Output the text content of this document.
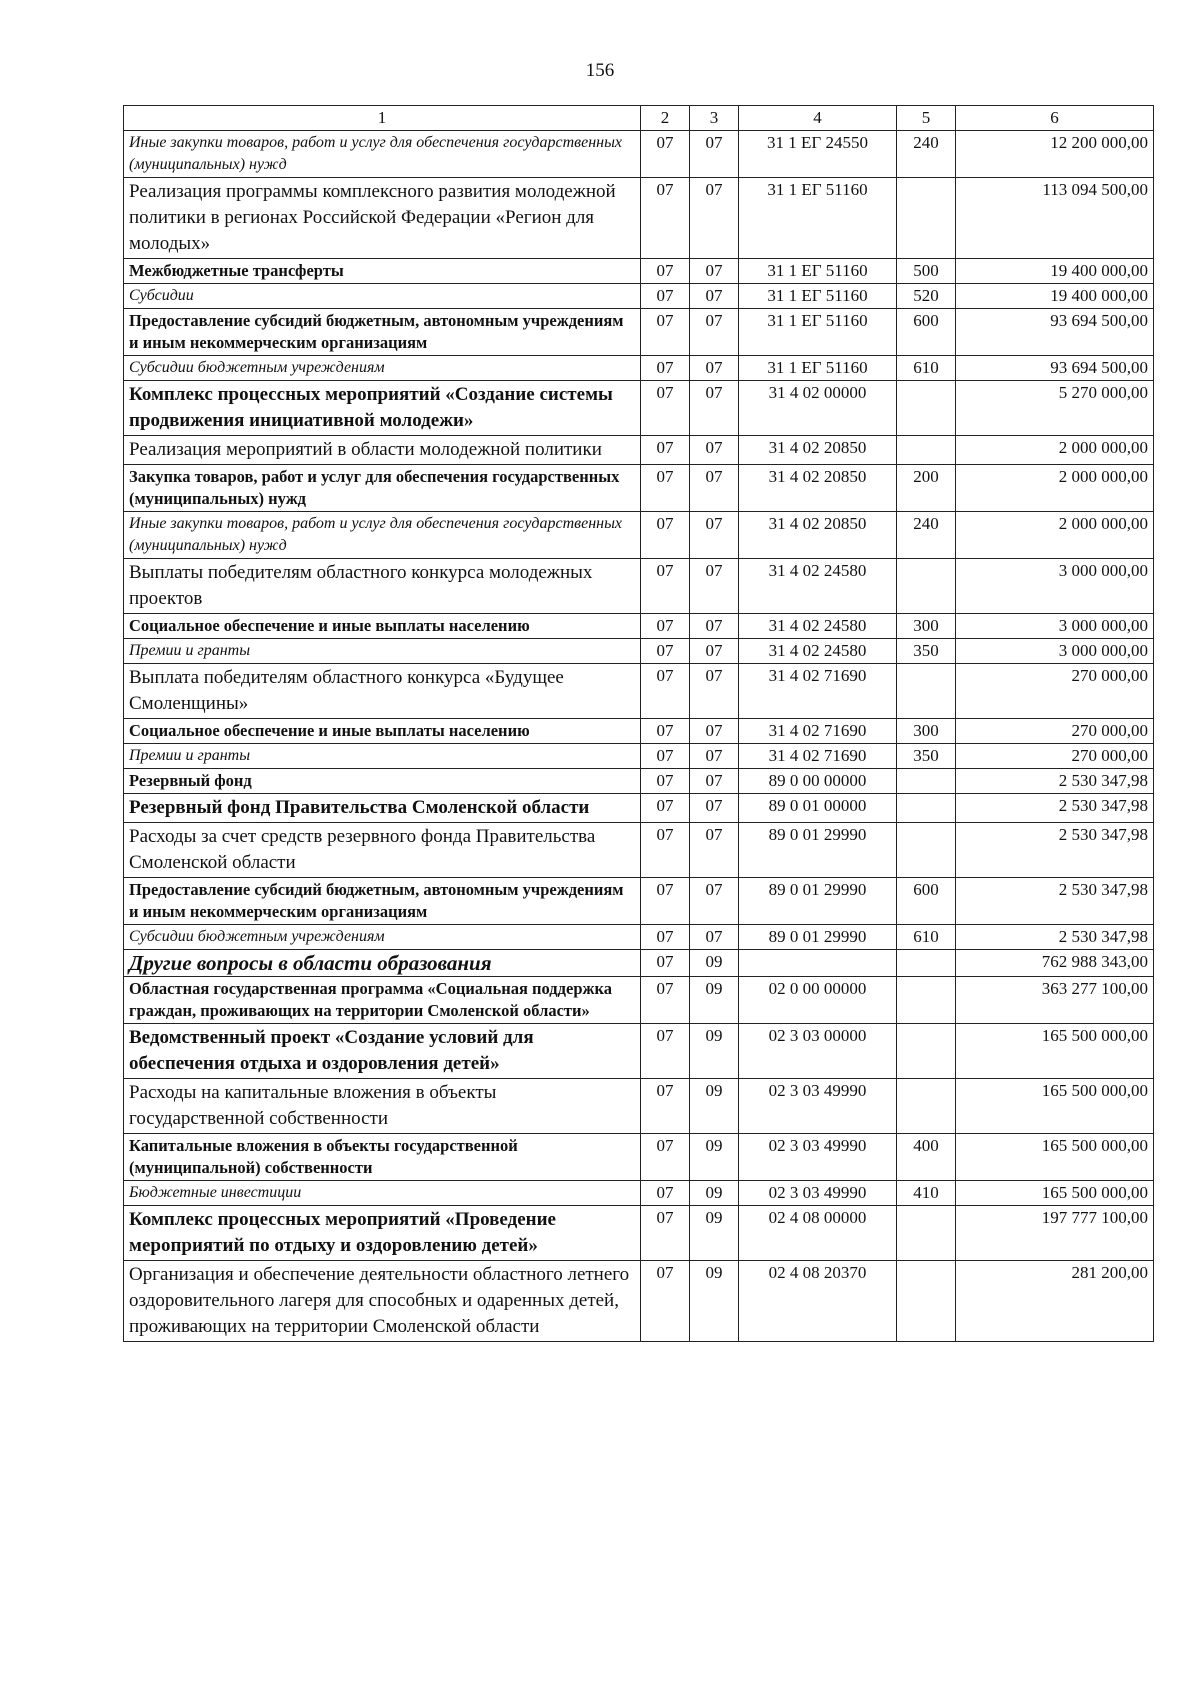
156
1	2	3	4	5	6
Иные закупки товаров, работ и услуг для обеспечения государственных (муниципальных) нужд	07	07	31 1 ЕГ 24550	240	12 200 000,00
Реализация программы комплексного развития молодежной политики в регионах Российской Федерации «Регион для молодых»	07	07	31 1 ЕГ 51160		113 094 500,00
Межбюджетные трансферты	07	07	31 1 ЕГ 51160	500	19 400 000,00
Субсидии	07	07	31 1 ЕГ 51160	520	19 400 000,00
Предоставление субсидий бюджетным, автономным учреждениям и иным некоммерческим организациям	07	07	31 1 ЕГ 51160	600	93 694 500,00
Субсидии бюджетным учреждениям	07	07	31 1 ЕГ 51160	610	93 694 500,00
Комплекс процессных мероприятий «Создание системы продвижения инициативной молодежи»	07	07	31 4 02 00000		5 270 000,00
Реализация мероприятий в области молодежной политики	07	07	31 4 02 20850		2 000 000,00
Закупка товаров, работ и услуг для обеспечения государственных (муниципальных) нужд	07	07	31 4 02 20850	200	2 000 000,00
Иные закупки товаров, работ и услуг для обеспечения государственных (муниципальных) нужд	07	07	31 4 02 20850	240	2 000 000,00
Выплаты победителям областного конкурса молодежных проектов	07	07	31 4 02 24580		3 000 000,00
Социальное обеспечение и иные выплаты населению	07	07	31 4 02 24580	300	3 000 000,00
Премии и гранты	07	07	31 4 02 24580	350	3 000 000,00
Выплата победителям областного конкурса «Будущее Смоленщины»	07	07	31 4 02 71690		270 000,00
Социальное обеспечение и иные выплаты населению	07	07	31 4 02 71690	300	270 000,00
Премии и гранты	07	07	31 4 02 71690	350	270 000,00
Резервный фонд	07	07	89 0 00 00000		2 530 347,98
Резервный фонд Правительства Смоленской области	07	07	89 0 01 00000		2 530 347,98
Расходы за счет средств резервного фонда Правительства Смоленской области	07	07	89 0 01 29990		2 530 347,98
Предоставление субсидий бюджетным, автономным учреждениям и иным некоммерческим организациям	07	07	89 0 01 29990	600	2 530 347,98
Субсидии бюджетным учреждениям	07	07	89 0 01 29990	610	2 530 347,98
Другие вопросы в области образования	07	09			762 988 343,00
Областная государственная программа «Социальная поддержка граждан, проживающих на территории Смоленской области»	07	09	02 0 00 00000		363 277 100,00
Ведомственный проект «Создание условий для обеспечения отдыха и оздоровления детей»	07	09	02 3 03 00000		165 500 000,00
Расходы на капитальные вложения в объекты государственной собственности	07	09	02 3 03 49990		165 500 000,00
Капитальные вложения в объекты государственной (муниципальной) собственности	07	09	02 3 03 49990	400	165 500 000,00
Бюджетные инвестиции	07	09	02 3 03 49990	410	165 500 000,00
Комплекс процессных мероприятий «Проведение мероприятий по отдыху и оздоровлению детей»	07	09	02 4 08 00000		197 777 100,00
Организация и обеспечение деятельности областного летнего оздоровительного лагеря для способных и одаренных детей, проживающих на территории Смоленской области	07	09	02 4 08 20370		281 200,00
